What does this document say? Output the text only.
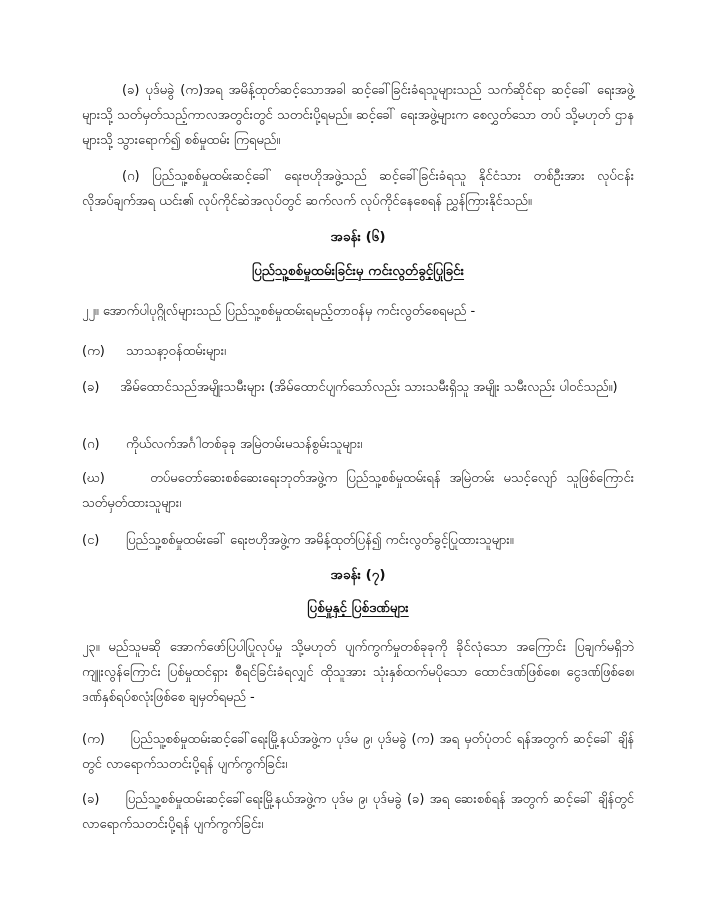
(ခ) ပုဒ်မခွဲ (က)အရ အမိန့်ထုတ်ဆင့်သောအခါ ဆင့်ခေါ်ခြင်းခံရသူများသည် သက်ဆိုင်ရာ ဆင့်ခေါ် ရေးအဖွဲ့များသို့ သတ်မှတ်သည့်ကာလအတွင်းတွင် သတင်းပို့ရမည်။ ဆင့်ခေါ် ရေးအဖွဲ့များက စေလွှတ်သော တပ် သို့မဟုတ် ဌာနများသို့ သွားရောက်၍ စစ်မှုထမ်း ကြရမည်။

(ဂ) ပြည်သူ့စစ်မှုထမ်းဆင့်ခေါ် ရေးဗဟိုအဖွဲ့သည် ဆင့်ခေါ်ခြင်းခံရသူ နိုင်ငံသား တစ်ဦးအား လုပ်ငန်းလိုအပ်ချက်အရ ယင်း၏ လုပ်ကိုင်ဆဲအလုပ်တွင် ဆက်လက် လုပ်ကိုင်နေစေရန် ညွှန်ကြားနိုင်သည်။

အခန်း (၆)

ပြည်သူ့စစ်မှုထမ်းခြင်းမှ ကင်းလွတ်ခွင့်ပြုခြင်း

၂၂။ အောက်ပါပုဂ္ဂိုလ်များသည် ပြည်သူ့စစ်မှုထမ်းရမည့်တာဝန်မှ ကင်းလွတ်စေရမည် -

(က)	သာသနာ့ဝန်ထမ်းများ၊
(ခ) အိမ်ထောင်သည်အမျိုးသမီးများ (အိမ်ထောင်ပျက်သော်လည်း သားသမီးရှိသူ အမျိုး သမီးလည်း ပါဝင်သည်။)
(ဂ)	ကိုယ်လက်အင်္ဂါတစ်ခုခု အမြဲတမ်းမသန်စွမ်းသူများ၊
(ဃ)	တပ်မတော်ဆေးစစ်ဆေးရေးဘုတ်အဖွဲ့က ပြည်သူ့စစ်မှုထမ်းရန် အမြဲတမ်း မသင့်လျော် သူဖြစ်ကြောင်း သတ်မှတ်ထားသူများ၊
(င)	ပြည်သူ့စစ်မှုထမ်းခေါ် ရေးဗဟိုအဖွဲ့က အမိန့်ထုတ်ပြန်၍ ကင်းလွတ်ခွင့်ပြုထားသူများ။

အခန်း (၇)

ပြစ်မှုနှင့် ပြစ်ဒဏ်များ

၂၃။ မည်သူမဆို အောက်ဖော်ပြပါပြုလုပ်မှု သို့မဟုတ် ပျက်ကွက်မှုတစ်ခုခုကို ခိုင်လုံသော အကြောင်း ပြချက်မရှိဘဲ ကျူးလွန်ကြောင်း ပြစ်မှုထင်ရှား စီရင်ခြင်းခံရလျှင် ထိုသူအား သုံးနှစ်ထက်မပိုသော ထောင်ဒဏ်ဖြစ်စေ၊ ငွေဒဏ်ဖြစ်စေ၊ ဒဏ်နှစ်ရပ်စလုံးဖြစ်စေ ချမှတ်ရမည် -

(က) ပြည်သူ့စစ်မှုထမ်းဆင့်ခေါ်ရေးမြို့နယ်အဖွဲ့က ပုဒ်မ ၉၊ ပုဒ်မခွဲ (က) အရ မှတ်ပုံတင် ရန်အတွက် ဆင့်ခေါ် ချိန်တွင် လာရောက်သတင်းပို့ရန် ပျက်ကွက်ခြင်း၊
(ခ) ပြည်သူ့စစ်မှုထမ်းဆင့်ခေါ်ရေးမြို့နယ်အဖွဲ့က ပုဒ်မ ၉၊ ပုဒ်မခွဲ (ခ) အရ ဆေးစစ်ရန် အတွက် ဆင့်ခေါ် ချိန်တွင် လာရောက်သတင်းပို့ရန် ပျက်ကွက်ခြင်း၊
